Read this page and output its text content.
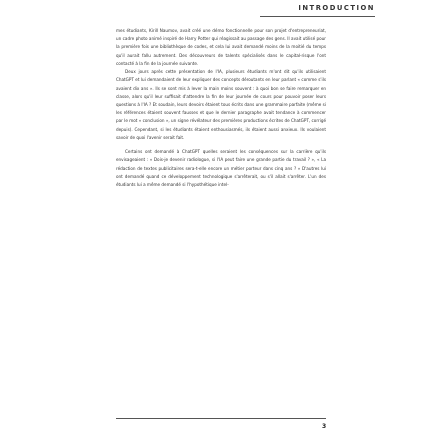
INTRODUCTION

mes étudiants, Kirill Naumov, avait créé une démo fonctionnelle pour son projet d'entrepreneuriat, un cadre photo animé inspiré de Harry Potter qui réagissait au passage des gens. Il avait utilisé pour la première fois une bibliothèque de codes, et cela lui avait demandé moins de la moitié du temps qu'il aurait fallu autrement. Des découvreurs de talents spécialisés dans le capital-risque l'ont contacté à la fin de la journée suivante.

Deux jours après cette présentation de l'IA, plusieurs étudiants m'ont dit qu'ils utilisaient ChatGPT et lui demandaient de leur expliquer des concepts déroutants en leur parlant « comme s'ils avaient dix ans ». Ils se sont mis à lever la main moins souvent : à quoi bon se faire remarquer en classe, alors qu'il leur suffisait d'attendre la fin de leur journée de cours pour pouvoir poser leurs questions à l'IA ? Et soudain, leurs devoirs étaient tous écrits dans une grammaire parfaite (même si les références étaient souvent fausses et que le dernier paragraphe avait tendance à commencer par le mot « conclusion », un signe révélateur des premières productions écrites de ChatGPT, corrigé depuis). Cependant, si les étudiants étaient enthousiasmés, ils étaient aussi anxieux. Ils voulaient savoir de quoi l'avenir serait fait.

Certains ont demandé à ChatGPT quelles seraient les conséquences sur la carrière qu'ils envisageaient : « Dois-je devenir radiologue, si l'IA peut faire une grande partie du travail ? », « La rédaction de textes publicitaires sera-t-elle encore un métier porteur dans cinq ans ? » D'autres lui ont demandé quand ce développement technologique s'arrêterait, ou s'il allait s'arrêter. L'un des étudiants lui a même demandé si l'hypothétique intel-

3
